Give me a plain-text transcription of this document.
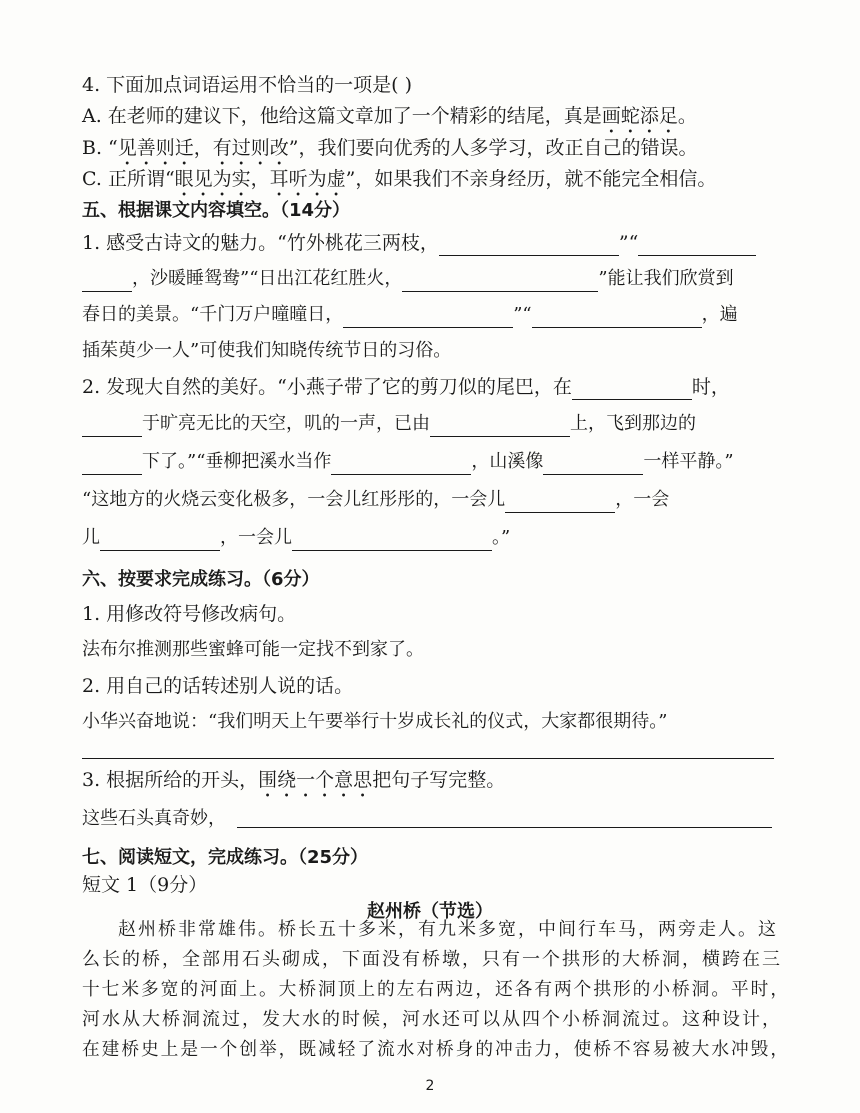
4. 下面加点词语运用不恰当的一项是( )
A. 在老师的建议下，他给这篇文章加了一个精彩的结尾，真是画蛇添足。
B. “见善则迁，有过则改”，我们要向优秀的人多学习，改正自己的错误。
C. 正所谓“眼见为实，耳听为虚”，如果我们不亲身经历，就不能完全相信。
五、根据课文内容填空。（14分）
1. 感受古诗文的魅力。“竹外桃花三两枝，	”“
，沙暖睡鸳鸯”“日出江花红胜火，	”能让我们欣赏到
春日的美景。“千门万户曈曈日，	”“	，遍
插茱萸少一人”可使我们知晓传统节日的习俗。
2. 发现大自然的美好。“小燕子带了它的剪刀似的尾巴，在	时，
于旷亮无比的天空，叽的一声，已由	上，飞到那边的
下了。”“垂柳把溪水当作	，山溪像	一样平静。”
“这地方的火烧云变化极多，一会儿红彤彤的，一会儿	，一会
儿	，一会儿	。”
六、按要求完成练习。（6分）
1. 用修改符号修改病句。
法布尔推测那些蜜蜂可能一定找不到家了。
2. 用自己的话转述别人说的话。
小华兴奋地说：“我们明天上午要举行十岁成长礼的仪式，大家都很期待。”
3. 根据所给的开头，围绕一个意思把句子写完整。
这些石头真奇妙，
七、阅读短文，完成练习。（25分）
短文 1（9分）
赵州桥（节选）
赵州桥非常雄伟。桥长五十多米，有九米多宽，中间行车马，两旁走人。这
么长的桥，全部用石头砌成，下面没有桥墩，只有一个拱形的大桥洞，横跨在三
十七米多宽的河面上。大桥洞顶上的左右两边，还各有两个拱形的小桥洞。平时，
河水从大桥洞流过，发大水的时候，河水还可以从四个小桥洞流过。这种设计，
在建桥史上是一个创举，既减轻了流水对桥身的冲击力，使桥不容易被大水冲毁，
2
